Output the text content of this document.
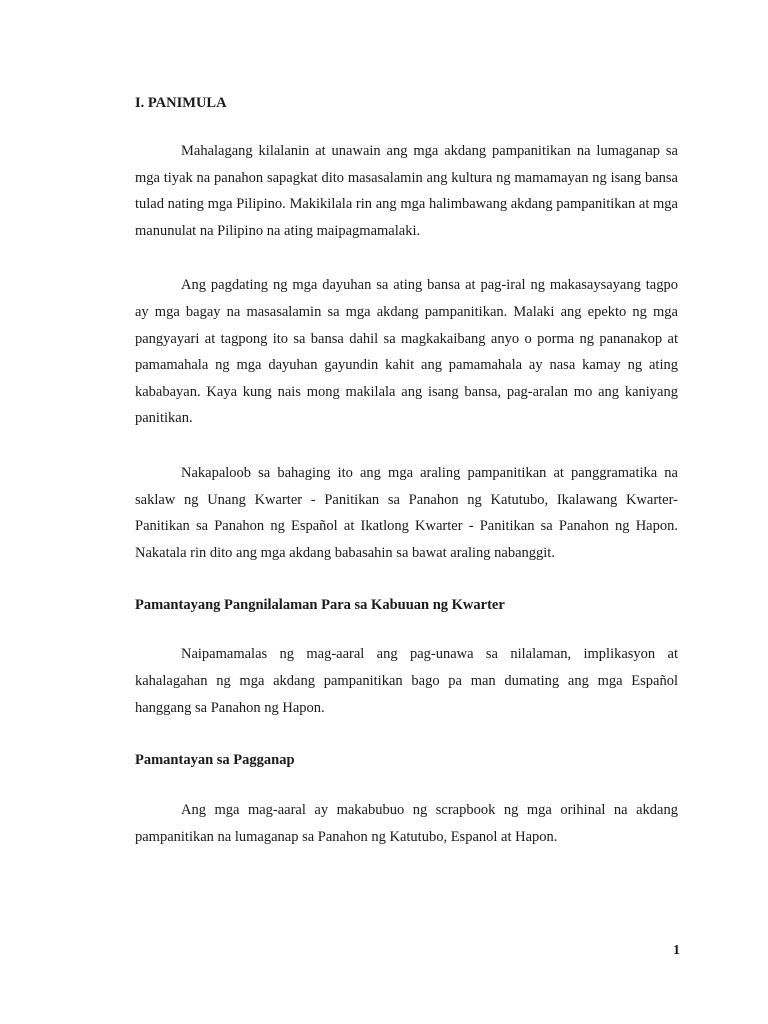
I. PANIMULA

Mahalagang kilalanin at unawain ang mga akdang pampanitikan na lumaganap sa mga tiyak na panahon sapagkat dito masasalamin ang kultura ng mamamayan ng isang bansa tulad nating mga Pilipino. Makikilala rin ang mga halimbawang akdang pampanitikan at mga manunulat na Pilipino na ating maipagmamalaki.

Ang pagdating ng mga dayuhan sa ating bansa at pag-iral ng makasaysayang tagpo ay mga bagay na masasalamin sa mga akdang pampanitikan. Malaki ang epekto ng mga pangyayari at tagpong ito sa bansa dahil sa magkakaibang anyo o porma ng pananakop at pamamahala ng mga dayuhan gayundin kahit ang pamamahala ay nasa kamay ng ating kababayan. Kaya kung nais mong makilala ang isang bansa, pag-aralan mo ang kaniyang panitikan.

Nakapaloob sa bahaging ito ang mga araling pampanitikan at panggramatika na saklaw ng Unang Kwarter - Panitikan sa Panahon ng Katutubo, Ikalawang Kwarter- Panitikan sa Panahon ng Español at Ikatlong Kwarter - Panitikan sa Panahon ng Hapon. Nakatala rin dito ang mga akdang babasahin sa bawat araling nabanggit.

Pamantayang Pangnilalaman Para sa Kabuuan ng Kwarter

Naipamamalas ng mag-aaral ang pag-unawa sa nilalaman, implikasyon at kahalagahan ng mga akdang pampanitikan bago pa man dumating ang mga Español hanggang sa Panahon ng Hapon.

Pamantayan sa Pagganap

Ang mga mag-aaral ay makabubuo ng scrapbook ng mga orihinal na akdang pampanitikan na lumaganap sa Panahon ng Katutubo, Espanol at Hapon.

1
